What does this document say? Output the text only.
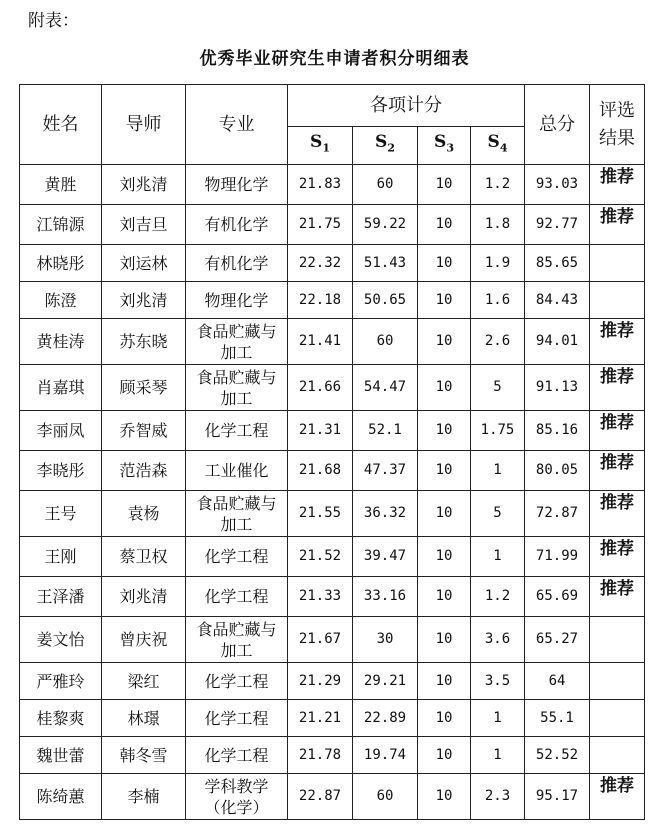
附表：
优秀毕业研究生申请者积分明细表
姓名	导师	专业	各项计分				总分	评选
结果

			$S_1$	$S_2$	$S_3$	$S_4$
黄胜	刘兆清	物理化学	21.83	60	10	1.2	93.03	推荐
江锦源	刘吉旦	有机化学	21.75	59.22	10	1.8	92.77	推荐
林晓彤	刘运林	有机化学	22.32	51.43	10	1.9	85.65	
陈澄	刘兆清	物理化学	22.18	50.65	10	1.6	84.43	
黄桂涛	苏东晓	食品贮藏与加工	21.41	60	10	2.6	94.01	推荐
肖嘉琪	顾采琴	食品贮藏与加工	21.66	54.47	10	5	91.13	推荐
李丽凤	乔智威	化学工程	21.31	52.1	10	1.75	85.16	推荐
李晓彤	范浩森	工业催化	21.68	47.37	10	1	80.05	推荐
王号	袁杨	食品贮藏与加工	21.55	36.32	10	5	72.87	推荐
王刚	蔡卫权	化学工程	21.52	39.47	10	1	71.99	推荐
王泽潘	刘兆清	化学工程	21.33	33.16	10	1.2	65.69	推荐
姜文怡	曾庆祝	食品贮藏与加工	21.67	30	10	3.6	65.27	
严雅玲	梁红	化学工程	21.29	29.21	10	3.5	64	
桂黎爽	林璟	化学工程	21.21	22.89	10	1	55.1	
魏世蕾	韩冬雪	化学工程	21.78	19.74	10	1	52.52	
陈绮蕙	李楠	学科教学（化学）	22.87	60	10	2.3	95.17	推荐
